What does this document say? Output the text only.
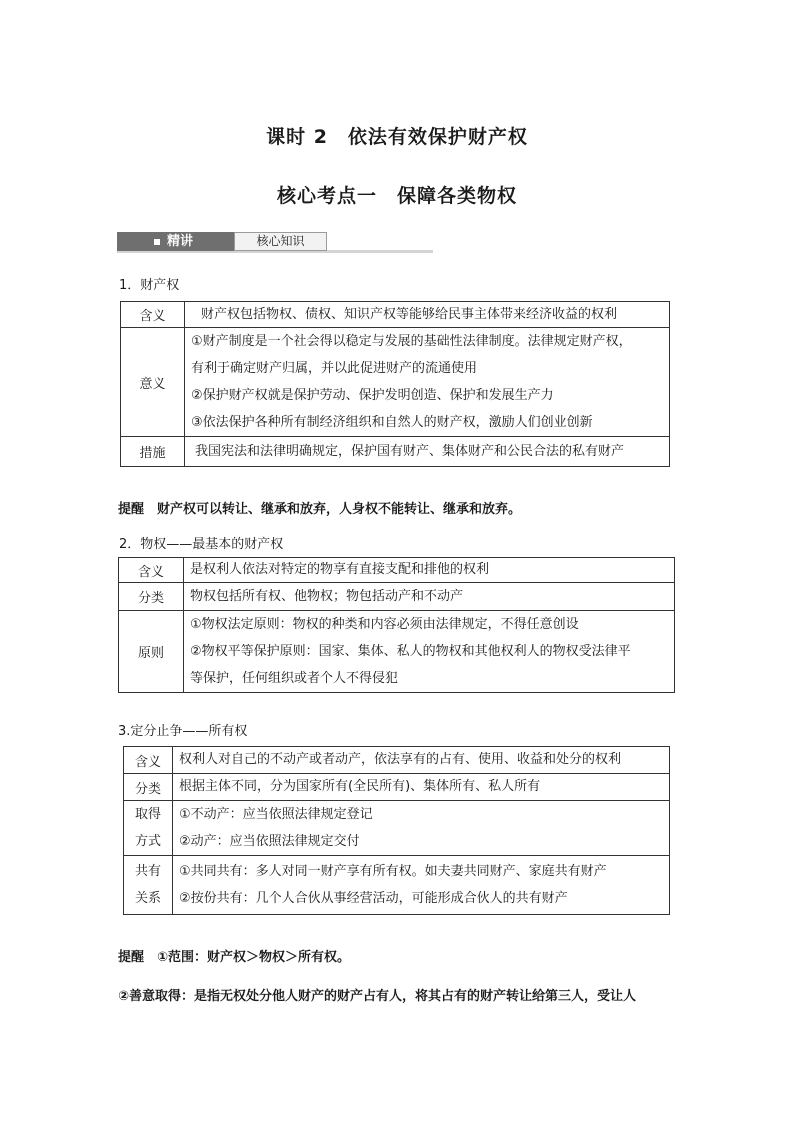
课时 2　依法有效保护财产权
核心考点一　保障各类物权
精讲	核心知识
1．财产权
含义	财产权包括物权、债权、知识产权等能够给民事主体带来经济收益的权利

意义	①财产制度是一个社会得以稳定与发展的基础性法律制度。法律规定财产权，
有利于确定财产归属，并以此促进财产的流通使用
②保护财产权就是保护劳动、保护发明创造、保护和发展生产力
③依法保护各种所有制经济组织和自然人的财产权，激励人们创业创新

措施	我国宪法和法律明确规定，保护国有财产、集体财产和公民合法的私有财产
提醒　财产权可以转让、继承和放弃，人身权不能转让、继承和放弃。
2．物权——最基本的财产权
含义	是权利人依法对特定的物享有直接支配和排他的权利

分类	物权包括所有权、他物权；物包括动产和不动产

原则	①物权法定原则：物权的种类和内容必须由法律规定，不得任意创设
②物权平等保护原则：国家、集体、私人的物权和其他权利人的物权受法律平
等保护，任何组织或者个人不得侵犯
3.定分止争——所有权
含义	权利人对自己的不动产或者动产，依法享有的占有、使用、收益和处分的权利

分类	根据主体不同，分为国家所有(全民所有)、集体所有、私人所有

取得
方式	①不动产：应当依照法律规定登记
②动产：应当依照法律规定交付

共有
关系	①共同共有：多人对同一财产享有所有权。如夫妻共同财产、家庭共有财产
②按份共有：几个人合伙从事经营活动，可能形成合伙人的共有财产
提醒　①范围：财产权＞物权＞所有权。
②善意取得：是指无权处分他人财产的财产占有人，将其占有的财产转让给第三人，受让人
